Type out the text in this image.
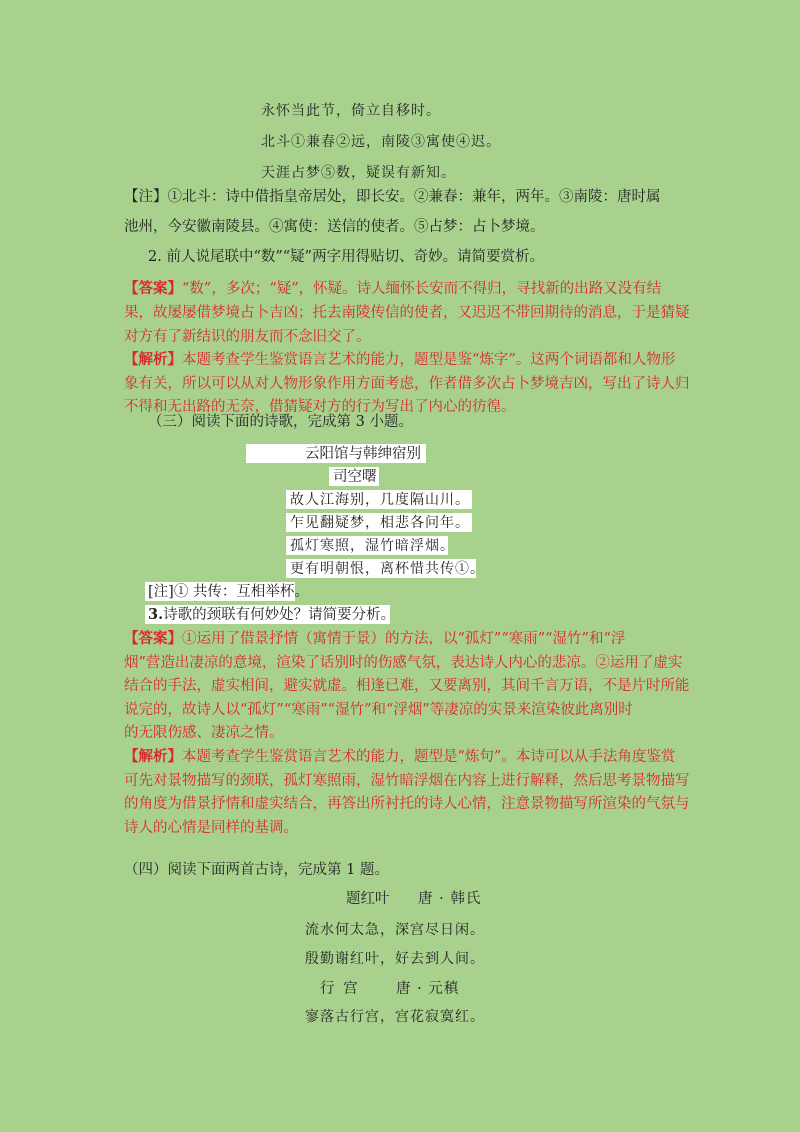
永怀当此节，倚立自移时。
北斗①兼春②远，南陵③寓使④迟。
天涯占梦⑤数，疑误有新知。
【注】①北斗：诗中借指皇帝居处，即长安。②兼春：兼年，两年。③南陵：唐时属
池州，今安徽南陵县。④寓使：送信的使者。⑤占梦：占卜梦境。
2. 前人说尾联中“数”“疑”两字用得贴切、奇妙。请简要赏析。
【答案】“数”，多次；“疑”，怀疑。诗人缅怀长安而不得归，寻找新的出路又没有结
果，故屡屡借梦境占卜吉凶；托去南陵传信的使者，又迟迟不带回期待的消息，于是猜疑
对方有了新结识的朋友而不念旧交了。
【解析】本题考查学生鉴赏语言艺术的能力，题型是鉴“炼字”。这两个词语都和人物形
象有关，所以可以从对人物形象作用方面考虑，作者借多次占卜梦境吉凶，写出了诗人归
不得和无出路的无奈，借猜疑对方的行为写出了内心的彷徨。
（三）阅读下面的诗歌，完成第 3 小题。
云阳馆与韩绅宿别
司空曙
故人江海别，几度隔山川。
乍见翻疑梦，相悲各问年。
孤灯寒照，湿竹暗浮烟。
更有明朝恨，离杯惜共传①。
[注]① 共传：互相举杯。
3.诗歌的颈联有何妙处？请简要分析。
【答案】①运用了借景抒情（寓情于景）的方法，以“孤灯”“寒雨”“湿竹”和“浮
烟”营造出凄凉的意境，渲染了话别时的伤感气氛，表达诗人内心的悲凉。②运用了虚实
结合的手法，虚实相间，避实就虚。相逢已难，又要离别，其间千言万语，不是片时所能
说完的，故诗人以“孤灯”“寒雨”“湿竹”和“浮烟”等凄凉的实景来渲染彼此离别时
的无限伤感、凄凉之情。
【解析】本题考查学生鉴赏语言艺术的能力，题型是“炼句”。本诗可以从手法角度鉴赏
可先对景物描写的颈联，孤灯寒照雨，湿竹暗浮烟在内容上进行解释，然后思考景物描写
的角度为借景抒情和虚实结合，再答出所衬托的诗人心情，注意景物描写所渲染的气氛与
诗人的心情是同样的基调。
（四）阅读下面两首古诗，完成第 1 题。
题红叶 唐 · 韩氏
流水何太急，深宫尽日闲。
殷勤谢红叶，好去到人间。
行 宫	唐 · 元稹
寥落古行宫，宫花寂寞红。
